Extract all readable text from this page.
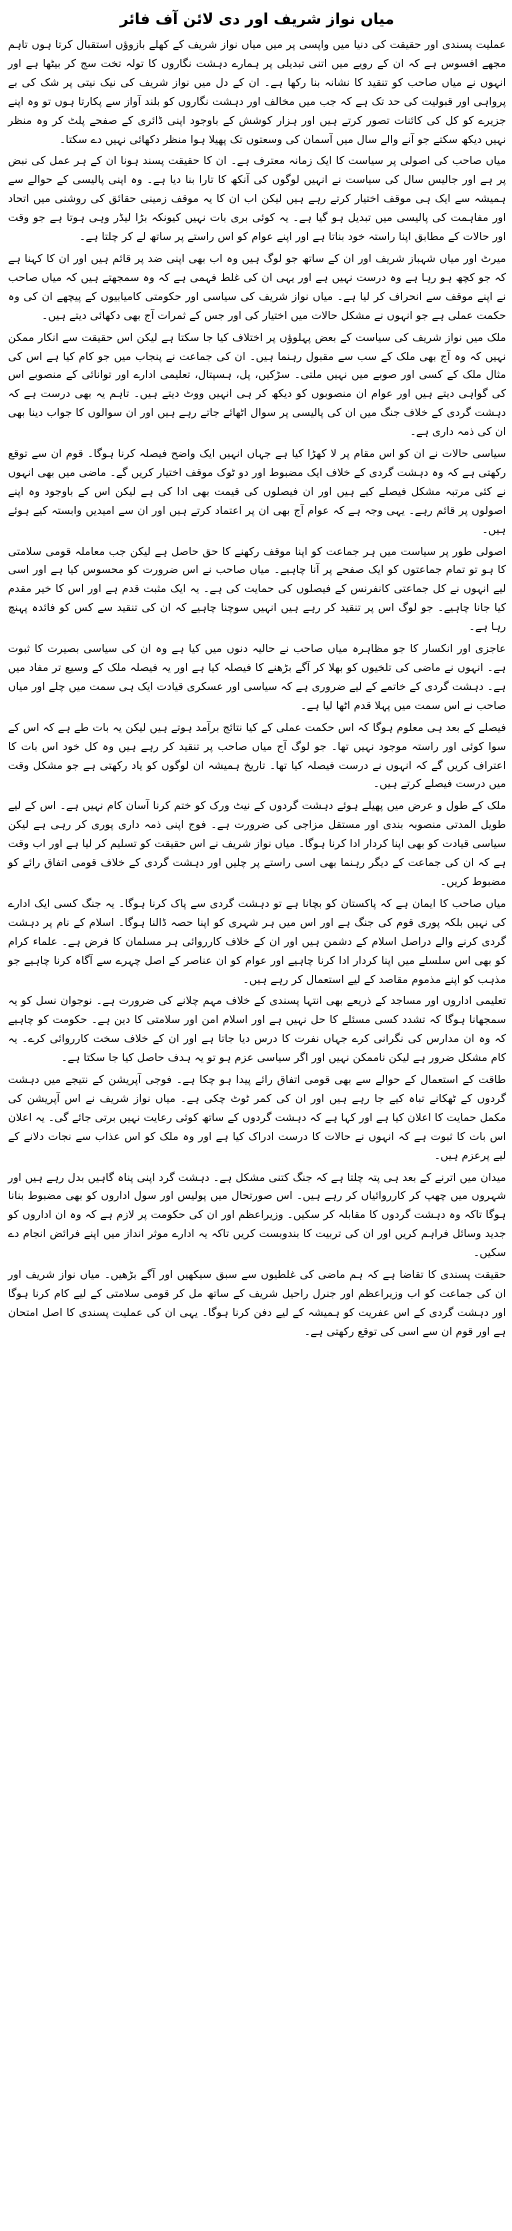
میاں نواز شریف اور دی لائن آف فائر

عملیت پسندی اور حقیقت کی دنیا میں واپسی پر میں میاں نواز شریف کے کھلے بازوؤں استقبال کرتا ہوں تاہم مجھے افسوس ہے کہ ان کے رویے میں اتنی تبدیلی پر ہمارے دہشت نگاروں کا تولہ تخت سج کر بیٹھا ہے اور انہوں نے میاں صاحب کو تنقید کا نشانہ بنا رکھا ہے۔ ان کے دل میں نواز شریف کی نیک نیتی پر شک کی بے پرواہی اور قبولیت کی حد تک ہے کہ جب میں مخالف اور دہشت نگاروں کو بلند آواز سے پکارتا ہوں تو وہ اپنے جزیرے کو کل کی کائنات تصور کرتے ہیں اور ہزار کوشش کے باوجود اپنی ڈائری کے صفحے پلٹ کر وہ منظر نہیں دیکھ سکتے جو آنے والے سال میں آسمان کی وسعتوں تک پھیلا ہوا منظر دکھائی نہیں دے سکتا۔

میاں صاحب کی اصولی پر سیاست کا ایک زمانہ معترف ہے۔ ان کا حقیقت پسند ہونا ان کے ہر عمل کی نبض پر ہے اور جالیس سال کی سیاست نے انہیں لوگوں کی آنکھ کا تارا بنا دیا ہے۔ وہ اپنی پالیسی کے حوالے سے ہمیشہ سے ایک ہی موقف اختیار کرتے رہے ہیں لیکن اب ان کا یہ موقف زمینی حقائق کی روشنی میں اتحاد اور مفاہمت کی پالیسی میں تبدیل ہو گیا ہے۔ یہ کوئی بری بات نہیں کیونکہ بڑا لیڈر وہی ہوتا ہے جو وقت اور حالات کے مطابق اپنا راستہ خود بناتا ہے اور اپنے عوام کو اس راستے پر ساتھ لے کر چلتا ہے۔

میرٹ اور میاں شہباز شریف اور ان کے ساتھ جو لوگ ہیں وہ اب بھی اپنی ضد پر قائم ہیں اور ان کا کہنا ہے کہ جو کچھ ہو رہا ہے وہ درست نہیں ہے اور یہی ان کی غلط فہمی ہے کہ وہ سمجھتے ہیں کہ میاں صاحب نے اپنے موقف سے انحراف کر لیا ہے۔ میاں نواز شریف کی سیاسی اور حکومتی کامیابیوں کے پیچھے ان کی وہ حکمت عملی ہے جو انہوں نے مشکل حالات میں اختیار کی اور جس کے ثمرات آج بھی دکھائی دیتے ہیں۔

ملک میں نواز شریف کی سیاست کے بعض پہلوؤں پر اختلاف کیا جا سکتا ہے لیکن اس حقیقت سے انکار ممکن نہیں کہ وہ آج بھی ملک کے سب سے مقبول رہنما ہیں۔ ان کی جماعت نے پنجاب میں جو کام کیا ہے اس کی مثال ملک کے کسی اور صوبے میں نہیں ملتی۔ سڑکیں، پل، ہسپتال، تعلیمی ادارے اور توانائی کے منصوبے اس کی گواہی دیتے ہیں اور عوام ان منصوبوں کو دیکھ کر ہی انہیں ووٹ دیتے ہیں۔ تاہم یہ بھی درست ہے کہ دہشت گردی کے خلاف جنگ میں ان کی پالیسی پر سوال اٹھائے جاتے رہے ہیں اور ان سوالوں کا جواب دینا بھی ان کی ذمہ داری ہے۔

سیاسی حالات نے ان کو اس مقام پر لا کھڑا کیا ہے جہاں انہیں ایک واضح فیصلہ کرنا ہوگا۔ قوم ان سے توقع رکھتی ہے کہ وہ دہشت گردی کے خلاف ایک مضبوط اور دو ٹوک موقف اختیار کریں گے۔ ماضی میں بھی انہوں نے کئی مرتبہ مشکل فیصلے کیے ہیں اور ان فیصلوں کی قیمت بھی ادا کی ہے لیکن اس کے باوجود وہ اپنے اصولوں پر قائم رہے۔ یہی وجہ ہے کہ عوام آج بھی ان پر اعتماد کرتے ہیں اور ان سے امیدیں وابستہ کیے ہوئے ہیں۔

اصولی طور پر سیاست میں ہر جماعت کو اپنا موقف رکھنے کا حق حاصل ہے لیکن جب معاملہ قومی سلامتی کا ہو تو تمام جماعتوں کو ایک صفحے پر آنا چاہیے۔ میاں صاحب نے اس ضرورت کو محسوس کیا ہے اور اسی لیے انہوں نے کل جماعتی کانفرنس کے فیصلوں کی حمایت کی ہے۔ یہ ایک مثبت قدم ہے اور اس کا خیر مقدم کیا جانا چاہیے۔ جو لوگ اس پر تنقید کر رہے ہیں انہیں سوچنا چاہیے کہ ان کی تنقید سے کس کو فائدہ پہنچ رہا ہے۔

عاجزی اور انکسار کا جو مظاہرہ میاں صاحب نے حالیہ دنوں میں کیا ہے وہ ان کی سیاسی بصیرت کا ثبوت ہے۔ انہوں نے ماضی کی تلخیوں کو بھلا کر آگے بڑھنے کا فیصلہ کیا ہے اور یہ فیصلہ ملک کے وسیع تر مفاد میں ہے۔ دہشت گردی کے خاتمے کے لیے ضروری ہے کہ سیاسی اور عسکری قیادت ایک ہی سمت میں چلے اور میاں صاحب نے اس سمت میں پہلا قدم اٹھا لیا ہے۔

فیصلے کے بعد ہی معلوم ہوگا کہ اس حکمت عملی کے کیا نتائج برآمد ہوتے ہیں لیکن یہ بات طے ہے کہ اس کے سوا کوئی اور راستہ موجود نہیں تھا۔ جو لوگ آج میاں صاحب پر تنقید کر رہے ہیں وہ کل خود اس بات کا اعتراف کریں گے کہ انہوں نے درست فیصلہ کیا تھا۔ تاریخ ہمیشہ ان لوگوں کو یاد رکھتی ہے جو مشکل وقت میں درست فیصلے کرتے ہیں۔

ملک کے طول و عرض میں پھیلے ہوئے دہشت گردوں کے نیٹ ورک کو ختم کرنا آسان کام نہیں ہے۔ اس کے لیے طویل المدتی منصوبہ بندی اور مستقل مزاجی کی ضرورت ہے۔ فوج اپنی ذمہ داری پوری کر رہی ہے لیکن سیاسی قیادت کو بھی اپنا کردار ادا کرنا ہوگا۔ میاں نواز شریف نے اس حقیقت کو تسلیم کر لیا ہے اور اب وقت ہے کہ ان کی جماعت کے دیگر رہنما بھی اسی راستے پر چلیں اور دہشت گردی کے خلاف قومی اتفاق رائے کو مضبوط کریں۔

میاں صاحب کا ایمان ہے کہ پاکستان کو بچانا ہے تو دہشت گردی سے پاک کرنا ہوگا۔ یہ جنگ کسی ایک ادارے کی نہیں بلکہ پوری قوم کی جنگ ہے اور اس میں ہر شہری کو اپنا حصہ ڈالنا ہوگا۔ اسلام کے نام پر دہشت گردی کرنے والے دراصل اسلام کے دشمن ہیں اور ان کے خلاف کارروائی ہر مسلمان کا فرض ہے۔ علماء کرام کو بھی اس سلسلے میں اپنا کردار ادا کرنا چاہیے اور عوام کو ان عناصر کے اصل چہرے سے آگاہ کرنا چاہیے جو مذہب کو اپنے مذموم مقاصد کے لیے استعمال کر رہے ہیں۔

تعلیمی اداروں اور مساجد کے ذریعے بھی انتہا پسندی کے خلاف مہم چلانے کی ضرورت ہے۔ نوجوان نسل کو یہ سمجھانا ہوگا کہ تشدد کسی مسئلے کا حل نہیں ہے اور اسلام امن اور سلامتی کا دین ہے۔ حکومت کو چاہیے کہ وہ ان مدارس کی نگرانی کرے جہاں نفرت کا درس دیا جاتا ہے اور ان کے خلاف سخت کارروائی کرے۔ یہ کام مشکل ضرور ہے لیکن ناممکن نہیں اور اگر سیاسی عزم ہو تو یہ ہدف حاصل کیا جا سکتا ہے۔

طاقت کے استعمال کے حوالے سے بھی قومی اتفاق رائے پیدا ہو چکا ہے۔ فوجی آپریشن کے نتیجے میں دہشت گردوں کے ٹھکانے تباہ کیے جا رہے ہیں اور ان کی کمر ٹوٹ چکی ہے۔ میاں نواز شریف نے اس آپریشن کی مکمل حمایت کا اعلان کیا ہے اور کہا ہے کہ دہشت گردوں کے ساتھ کوئی رعایت نہیں برتی جائے گی۔ یہ اعلان اس بات کا ثبوت ہے کہ انہوں نے حالات کا درست ادراک کیا ہے اور وہ ملک کو اس عذاب سے نجات دلانے کے لیے پرعزم ہیں۔

میدان میں اترنے کے بعد ہی پتہ چلتا ہے کہ جنگ کتنی مشکل ہے۔ دہشت گرد اپنی پناہ گاہیں بدل رہے ہیں اور شہروں میں چھپ کر کارروائیاں کر رہے ہیں۔ اس صورتحال میں پولیس اور سول اداروں کو بھی مضبوط بنانا ہوگا تاکہ وہ دہشت گردوں کا مقابلہ کر سکیں۔ وزیراعظم اور ان کی حکومت پر لازم ہے کہ وہ ان اداروں کو جدید وسائل فراہم کریں اور ان کی تربیت کا بندوبست کریں تاکہ یہ ادارے موثر انداز میں اپنے فرائض انجام دے سکیں۔

حقیقت پسندی کا تقاضا ہے کہ ہم ماضی کی غلطیوں سے سبق سیکھیں اور آگے بڑھیں۔ میاں نواز شریف اور ان کی جماعت کو اب وزیراعظم اور جنرل راحیل شریف کے ساتھ مل کر قومی سلامتی کے لیے کام کرنا ہوگا اور دہشت گردی کے اس عفریت کو ہمیشہ کے لیے دفن کرنا ہوگا۔ یہی ان کی عملیت پسندی کا اصل امتحان ہے اور قوم ان سے اسی کی توقع رکھتی ہے۔
